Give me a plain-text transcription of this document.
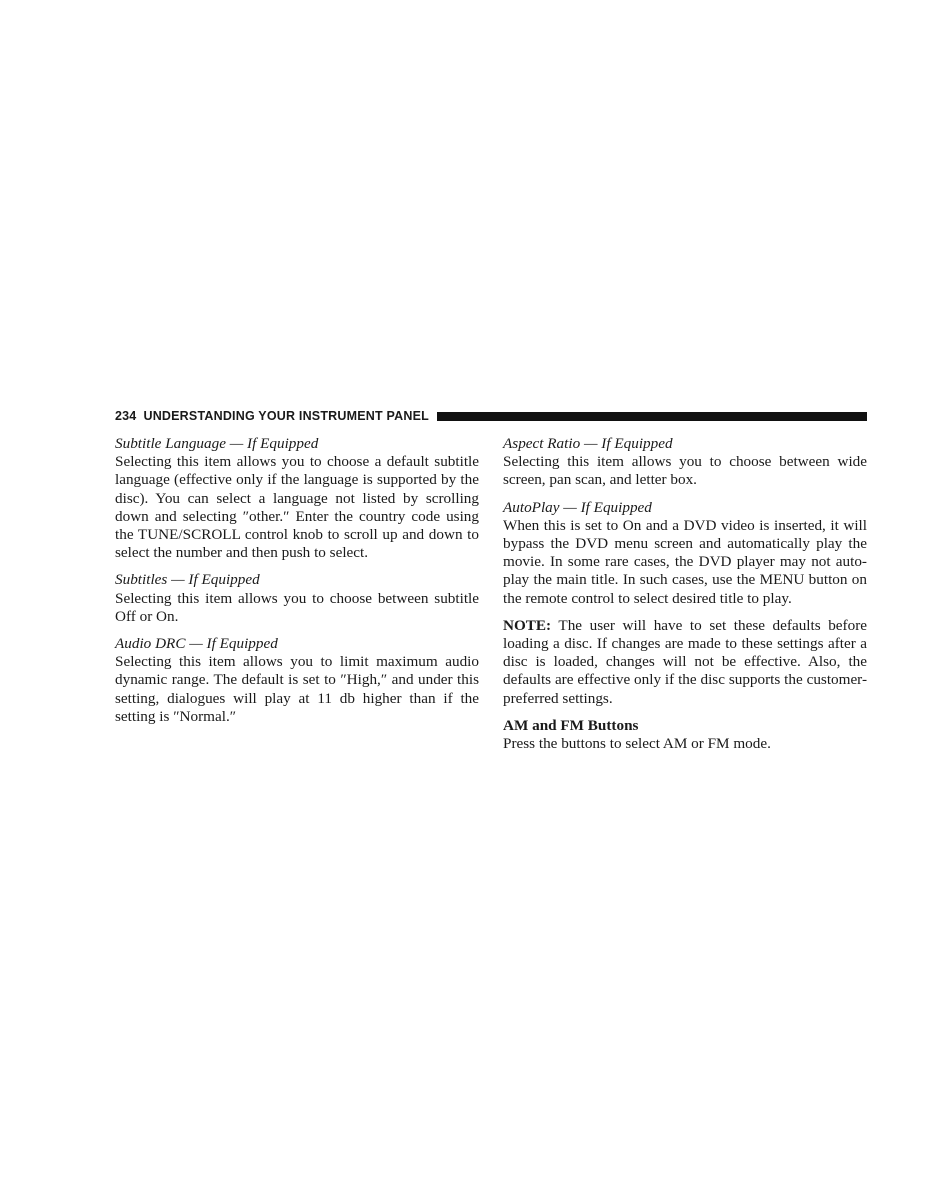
234 UNDERSTANDING YOUR INSTRUMENT PANEL
Subtitle Language — If Equipped
Selecting this item allows you to choose a default subtitle language (effective only if the language is supported by the disc). You can select a language not listed by scrolling down and selecting ″other.″ Enter the country code using the TUNE/SCROLL control knob to scroll up and down to select the number and then push to select.
Subtitles — If Equipped
Selecting this item allows you to choose between subtitle Off or On.
Audio DRC — If Equipped
Selecting this item allows you to limit maximum audio dynamic range. The default is set to ″High,″ and under this setting, dialogues will play at 11 db higher than if the setting is ″Normal.″
Aspect Ratio — If Equipped
Selecting this item allows you to choose between wide screen, pan scan, and letter box.
AutoPlay — If Equipped
When this is set to On and a DVD video is inserted, it will bypass the DVD menu screen and automatically play the movie. In some rare cases, the DVD player may not auto-play the main title. In such cases, use the MENU button on the remote control to select desired title to play.
NOTE: The user will have to set these defaults before loading a disc. If changes are made to these settings after a disc is loaded, changes will not be effective. Also, the defaults are effective only if the disc supports the customer-preferred settings.
AM and FM Buttons
Press the buttons to select AM or FM mode.
